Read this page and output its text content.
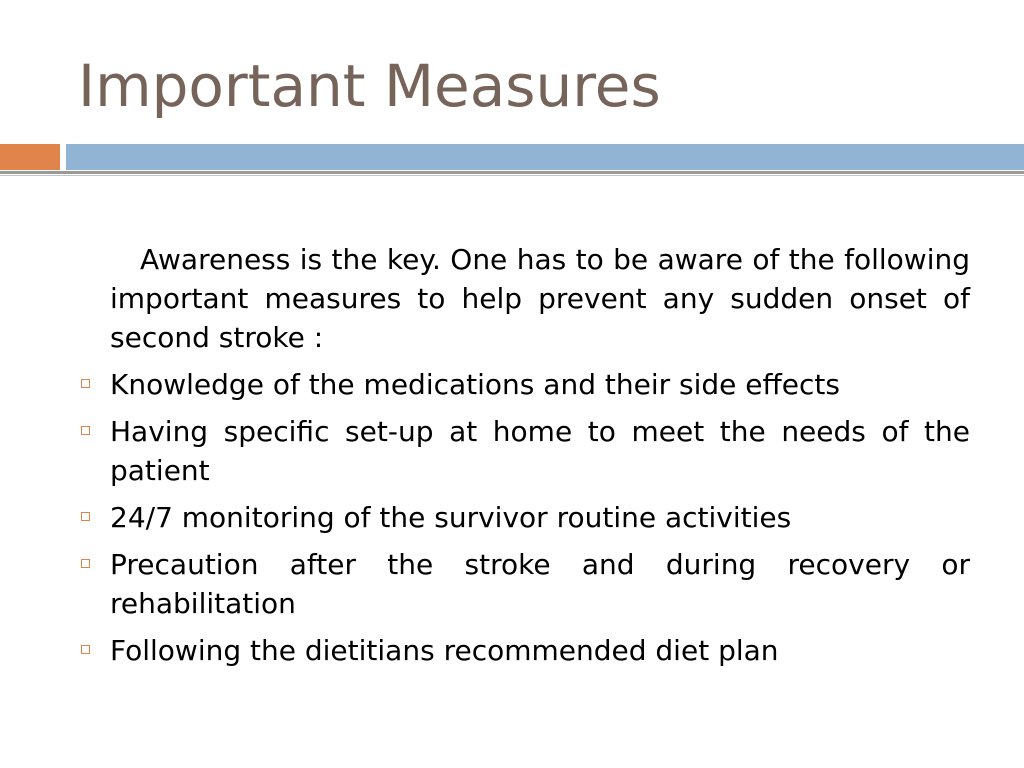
Important Measures

Awareness is the key. One has to be aware of the following important measures to help prevent any sudden onset of second stroke :

Knowledge of the medications and their side effects
Having specific set-up at home to meet the needs of the patient
24/7 monitoring of the survivor routine activities
Precaution after the stroke and during recovery or rehabilitation
Following the dietitians recommended diet plan
